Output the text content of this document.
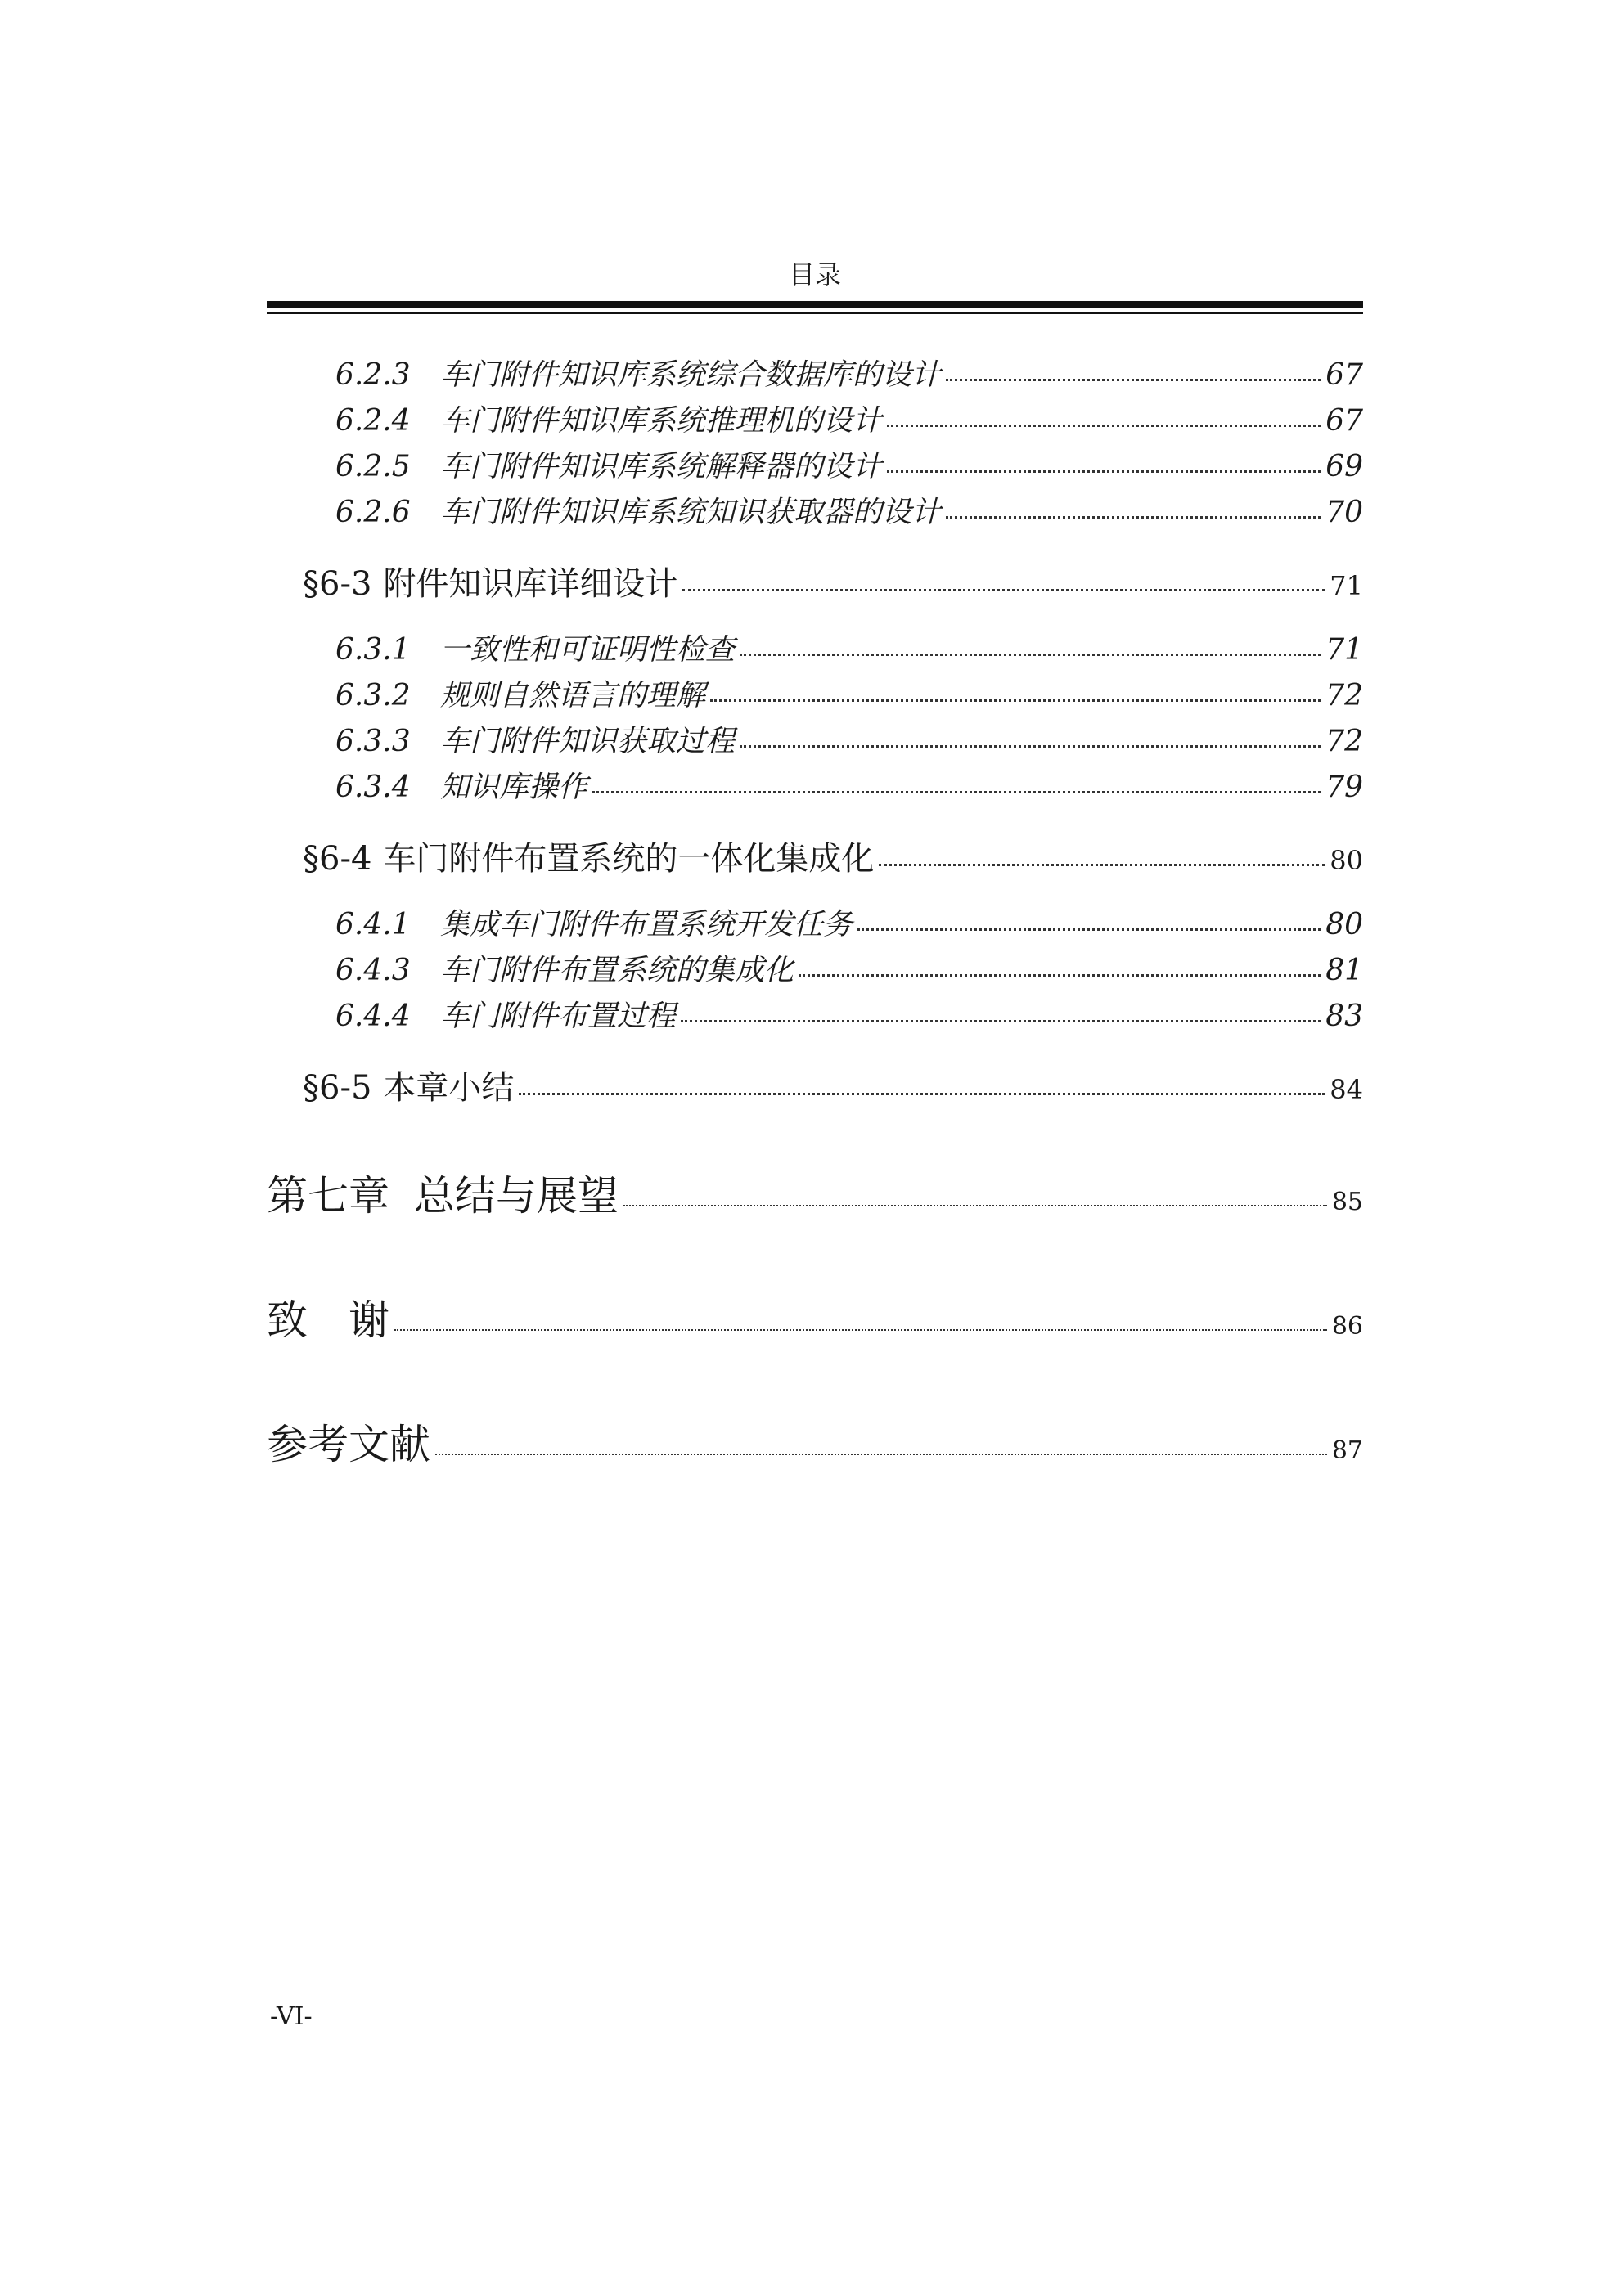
目录
6.2.3	车门附件知识库系统综合数据库的设计	67
6.2.4	车门附件知识库系统推理机的设计	67
6.2.5	车门附件知识库系统解释器的设计	69
6.2.6	车门附件知识库系统知识获取器的设计	70
§6-3 附件知识库详细设计	71
6.3.1	一致性和可证明性检查	71
6.3.2	规则自然语言的理解	72
6.3.3	车门附件知识获取过程	72
6.3.4	知识库操作	79
§6-4 车门附件布置系统的一体化集成化	80
6.4.1	集成车门附件布置系统开发任务	80
6.4.3	车门附件布置系统的集成化	81
6.4.4	车门附件布置过程	83
§6-5 本章小结	84
第七章 总结与展望	85
致　谢	86
参考文献	87
-VI-
